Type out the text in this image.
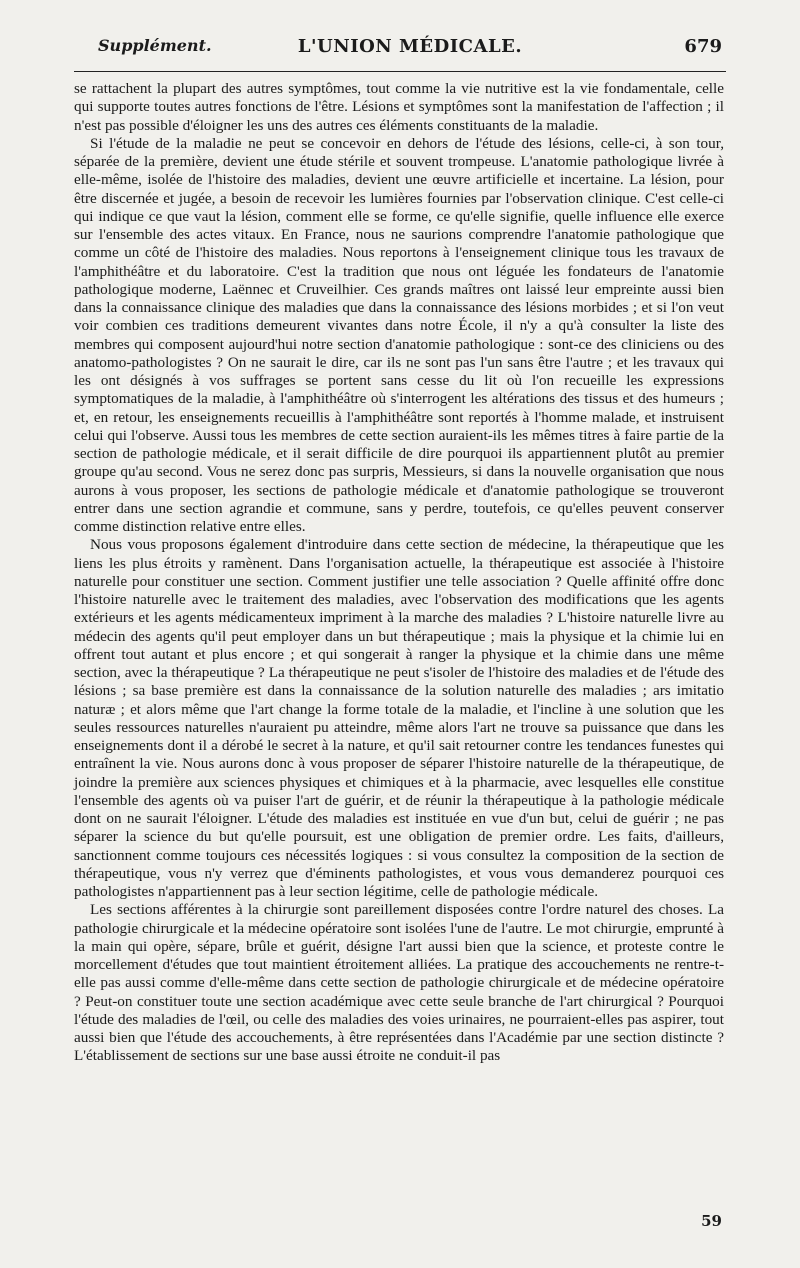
Supplément.	L'UNION MÉDICALE.	679

se rattachent la plupart des autres symptômes, tout comme la vie nutritive est la vie fondamentale, celle qui supporte toutes autres fonctions de l'être. Lésions et symptômes sont la manifestation de l'affection ; il n'est pas possible d'éloigner les uns des autres ces éléments constituants de la maladie.

Si l'étude de la maladie ne peut se concevoir en dehors de l'étude des lésions, celle-ci, à son tour, séparée de la première, devient une étude stérile et souvent trompeuse. L'anatomie pathologique livrée à elle-même, isolée de l'histoire des maladies, devient une œuvre artificielle et incertaine. La lésion, pour être discernée et jugée, a besoin de recevoir les lumières fournies par l'observation clinique. C'est celle-ci qui indique ce que vaut la lésion, comment elle se forme, ce qu'elle signifie, quelle influence elle exerce sur l'ensemble des actes vitaux. En France, nous ne saurions comprendre l'anatomie pathologique que comme un côté de l'histoire des maladies. Nous reportons à l'enseignement clinique tous les travaux de l'amphithéâtre et du laboratoire. C'est la tradition que nous ont léguée les fondateurs de l'anatomie pathologique moderne, Laënnec et Cruveilhier. Ces grands maîtres ont laissé leur empreinte aussi bien dans la connaissance clinique des maladies que dans la connaissance des lésions morbides ; et si l'on veut voir combien ces traditions demeurent vivantes dans notre École, il n'y a qu'à consulter la liste des membres qui composent aujourd'hui notre section d'anatomie pathologique : sont-ce des cliniciens ou des anatomo-pathologistes ? On ne saurait le dire, car ils ne sont pas l'un sans être l'autre ; et les travaux qui les ont désignés à vos suffrages se portent sans cesse du lit où l'on recueille les expressions symptomatiques de la maladie, à l'amphithéâtre où s'interrogent les altérations des tissus et des humeurs ; et, en retour, les enseignements recueillis à l'amphithéâtre sont reportés à l'homme malade, et instruisent celui qui l'observe. Aussi tous les membres de cette section auraient-ils les mêmes titres à faire partie de la section de pathologie médicale, et il serait difficile de dire pourquoi ils appartiennent plutôt au premier groupe qu'au second. Vous ne serez donc pas surpris, Messieurs, si dans la nouvelle organisation que nous aurons à vous proposer, les sections de pathologie médicale et d'anatomie pathologique se trouveront entrer dans une section agrandie et commune, sans y perdre, toutefois, ce qu'elles peuvent conserver comme distinction relative entre elles.

Nous vous proposons également d'introduire dans cette section de médecine, la thérapeutique que les liens les plus étroits y ramènent. Dans l'organisation actuelle, la thérapeutique est associée à l'histoire naturelle pour constituer une section. Comment justifier une telle association ? Quelle affinité offre donc l'histoire naturelle avec le traitement des maladies, avec l'observation des modifications que les agents extérieurs et les agents médicamenteux impriment à la marche des maladies ? L'histoire naturelle livre au médecin des agents qu'il peut employer dans un but thérapeutique ; mais la physique et la chimie lui en offrent tout autant et plus encore ; et qui songerait à ranger la physique et la chimie dans une même section, avec la thérapeutique ? La thérapeutique ne peut s'isoler de l'histoire des maladies et de l'étude des lésions ; sa base première est dans la connaissance de la solution naturelle des maladies ; ars imitatio naturæ ; et alors même que l'art change la forme totale de la maladie, et l'incline à une solution que les seules ressources naturelles n'auraient pu atteindre, même alors l'art ne trouve sa puissance que dans les enseignements dont il a dérobé le secret à la nature, et qu'il sait retourner contre les tendances funestes qui entraînent la vie. Nous aurons donc à vous proposer de séparer l'histoire naturelle de la thérapeutique, de joindre la première aux sciences physiques et chimiques et à la pharmacie, avec lesquelles elle constitue l'ensemble des agents où va puiser l'art de guérir, et de réunir la thérapeutique à la pathologie médicale dont on ne saurait l'éloigner. L'étude des maladies est instituée en vue d'un but, celui de guérir ; ne pas séparer la science du but qu'elle poursuit, est une obligation de premier ordre. Les faits, d'ailleurs, sanctionnent comme toujours ces nécessités logiques : si vous consultez la composition de la section de thérapeutique, vous n'y verrez que d'éminents pathologistes, et vous vous demanderez pourquoi ces pathologistes n'appartiennent pas à leur section légitime, celle de pathologie médicale.

Les sections afférentes à la chirurgie sont pareillement disposées contre l'ordre naturel des choses. La pathologie chirurgicale et la médecine opératoire sont isolées l'une de l'autre. Le mot chirurgie, emprunté à la main qui opère, sépare, brûle et guérit, désigne l'art aussi bien que la science, et proteste contre le morcellement d'études que tout maintient étroitement alliées. La pratique des accouchements ne rentre-t-elle pas aussi comme d'elle-même dans cette section de pathologie chirurgicale et de médecine opératoire ? Peut-on constituer toute une section académique avec cette seule branche de l'art chirurgical ? Pourquoi l'étude des maladies de l'œil, ou celle des maladies des voies urinaires, ne pourraient-elles pas aspirer, tout aussi bien que l'étude des accouchements, à être représentées dans l'Académie par une section distincte ? L'établissement de sections sur une base aussi étroite ne conduit-il pas

59
